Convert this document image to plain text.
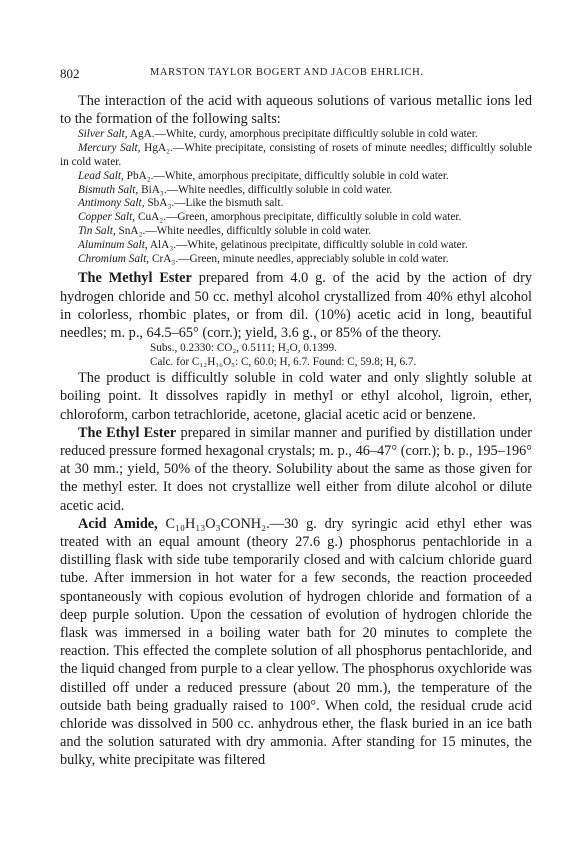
802	MARSTON TAYLOR BOGERT AND JACOB EHRLICH.

The interaction of the acid with aqueous solutions of various metallic ions led to the formation of the following salts:

Silver Salt, AgA.—White, curdy, amorphous precipitate difficultly soluble in cold water.

Mercury Salt, HgA₂.—White precipitate, consisting of rosets of minute needles; difficultly soluble in cold water.

Lead Salt, PbA₂.—White, amorphous precipitate, difficultly soluble in cold water.

Bismuth Salt, BiA₃.—White needles, difficultly soluble in cold water.

Antimony Salt, SbA₃.—Like the bismuth salt.

Copper Salt, CuA₂.—Green, amorphous precipitate, difficultly soluble in cold water.

Tin Salt, SnA₂.—White needles, difficultly soluble in cold water.

Aluminum Salt, AlA₃.—White, gelatinous precipitate, difficultly soluble in cold water.

Chromium Salt, CrA₃.—Green, minute needles, appreciably soluble in cold water.

The Methyl Ester prepared from 4.0 g. of the acid by the action of dry hydrogen chloride and 50 cc. methyl alcohol crystallized from 40% ethyl alcohol in colorless, rhombic plates, or from dil. (10%) acetic acid in long, beautiful needles; m. p., 64.5–65° (corr.); yield, 3.6 g., or 85% of the theory.

Subs., 0.2330: CO₂, 0.5111; H₂O, 0.1399.

Calc. for C₁₂H₁₆O₅: C, 60.0; H, 6.7. Found: C, 59.8; H, 6.7.

The product is difficultly soluble in cold water and only slightly soluble at boiling point. It dissolves rapidly in methyl or ethyl alcohol, ligroin, ether, chloroform, carbon tetrachloride, acetone, glacial acetic acid or benzene.

The Ethyl Ester prepared in similar manner and purified by distillation under reduced pressure formed hexagonal crystals; m. p., 46–47° (corr.); b. p., 195–196° at 30 mm.; yield, 50% of the theory. Solubility about the same as those given for the methyl ester. It does not crystallize well either from dilute alcohol or dilute acetic acid.

Acid Amide, C₁₀H₁₃O₃CONH₂.—30 g. dry syringic acid ethyl ether was treated with an equal amount (theory 27.6 g.) phosphorus pentachloride in a distilling flask with side tube temporarily closed and with calcium chloride guard tube. After immersion in hot water for a few seconds, the reaction proceeded spontaneously with copious evolution of hydrogen chloride and formation of a deep purple solution. Upon the cessation of evolution of hydrogen chloride the flask was immersed in a boiling water bath for 20 minutes to complete the reaction. This effected the complete solution of all phosphorus pentachloride, and the liquid changed from purple to a clear yellow. The phosphorus oxychloride was distilled off under a reduced pressure (about 20 mm.), the temperature of the outside bath being gradually raised to 100°. When cold, the residual crude acid chloride was dissolved in 500 cc. anhydrous ether, the flask buried in an ice bath and the solution saturated with dry ammonia. After standing for 15 minutes, the bulky, white precipitate was filtered
